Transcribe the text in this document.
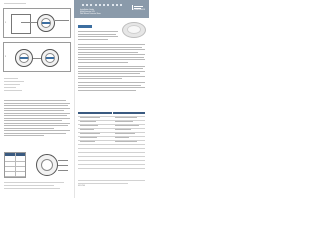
1
2
Installation Guide
Multi-Detector 24V
Wall Mount Detector Base
SYSTEM SENSOR
MI-DCMG
